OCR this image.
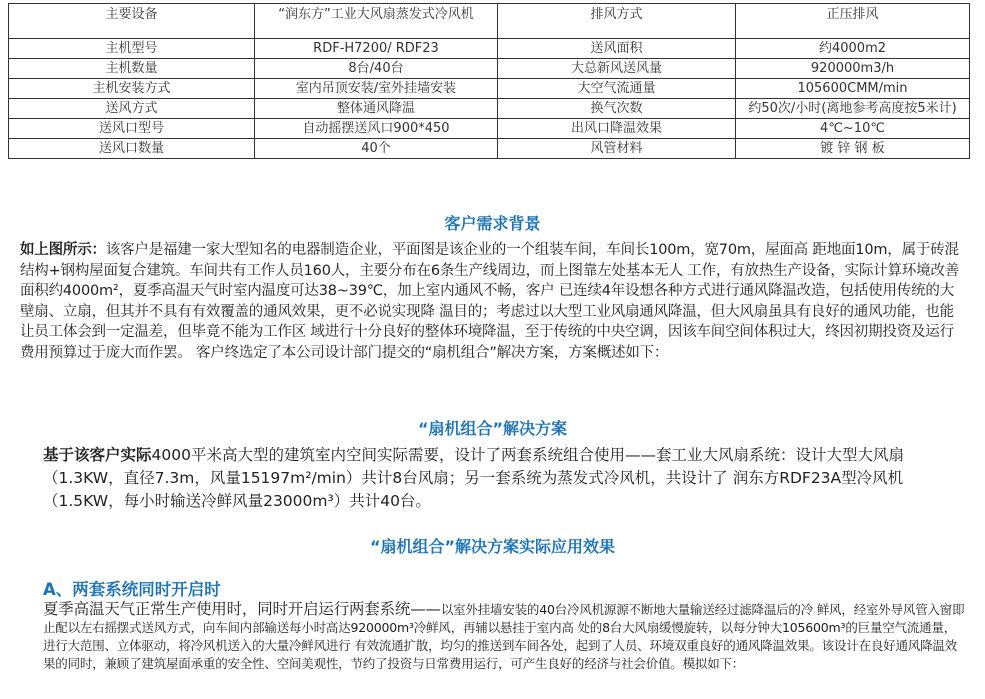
主要设备	“润东方”工业大风扇蒸发式冷风机	排风方式	正压排风
主机型号	RDF-H7200/ RDF23	送风面积	约4000m2
主机数量	8台/40台	大总新风送风量	920000m3/h
主机安装方式	室内吊顶安装/室外挂墙安装	大空气流通量	105600CMM/min
送风方式	整体通风降温	换气次数	约50次/小时(离地参考高度按5米计)
送风口型号	自动摇摆送风口900*450	出风口降温效果	4℃~10℃
送风口数量	40个	风管材料	镀 锌 钢 板
客户需求背景

如上图所示：该客户是福建一家大型知名的电器制造企业，平面图是该企业的一个组装车间，车间长100m，宽70m，屋面高 距地面10m，属于砖混结构+钢构屋面复合建筑。车间共有工作人员160人，主要分布在6条生产线周边，而上图靠左处基本无人 工作，有放热生产设备，实际计算环境改善面积约4000m²，夏季高温天气时室内温度可达38~39℃，加上室内通风不畅，客户 已连续4年设想各种方式进行通风降温改造，包括使用传统的大壁扇、立扇，但其并不具有有效覆盖的通风效果，更不必说实现降 温目的；考虑过以大型工业风扇通风降温，但大风扇虽具有良好的通风功能，也能让员工体会到一定温差，但毕竟不能为工作区 域进行十分良好的整体环境降温，至于传统的中央空调，因该车间空间体积过大，终因初期投资及运行费用预算过于庞大而作罢。 客户终选定了本公司设计部门提交的“扇机组合”解决方案，方案概述如下：

“扇机组合”解决方案

基于该客户实际4000平米高大型的建筑室内空间实际需要，设计了两套系统组合使用——套工业大风扇系统：设计大型大风扇（1.3KW，直径7.3m，风量15197m²/min）共计8台风扇；另一套系统为蒸发式冷风机，共设计了 润东方RDF23A型冷风机（1.5KW，每小时输送冷鲜风量23000m³）共计40台。

“扇机组合”解决方案实际应用效果
A、两套系统同时开启时

夏季高温天气正常生产使用时，同时开启运行两套系统——以室外挂墙安装的40台冷风机源源不断地大量输送经过滤降温后的冷 鲜风，经室外导风管入窗即止配以左右摇摆式送风方式，向车间内部输送每小时高达920000m³冷鲜风，再辅以悬挂于室内高 处的8台大风扇缓慢旋转，以每分钟大105600m³的巨量空气流通量，进行大范围、立体驱动，将冷风机送入的大量冷鲜风进行 有效流通扩散，均匀的推送到车间各处，起到了人员、环境双重良好的通风降温效果。该设计在良好通风降温效果的同时，兼顾了建筑屋面承重的安全性、空间美观性，节约了投资与日常费用运行，可产生良好的经济与社会价值。模拟如下：
